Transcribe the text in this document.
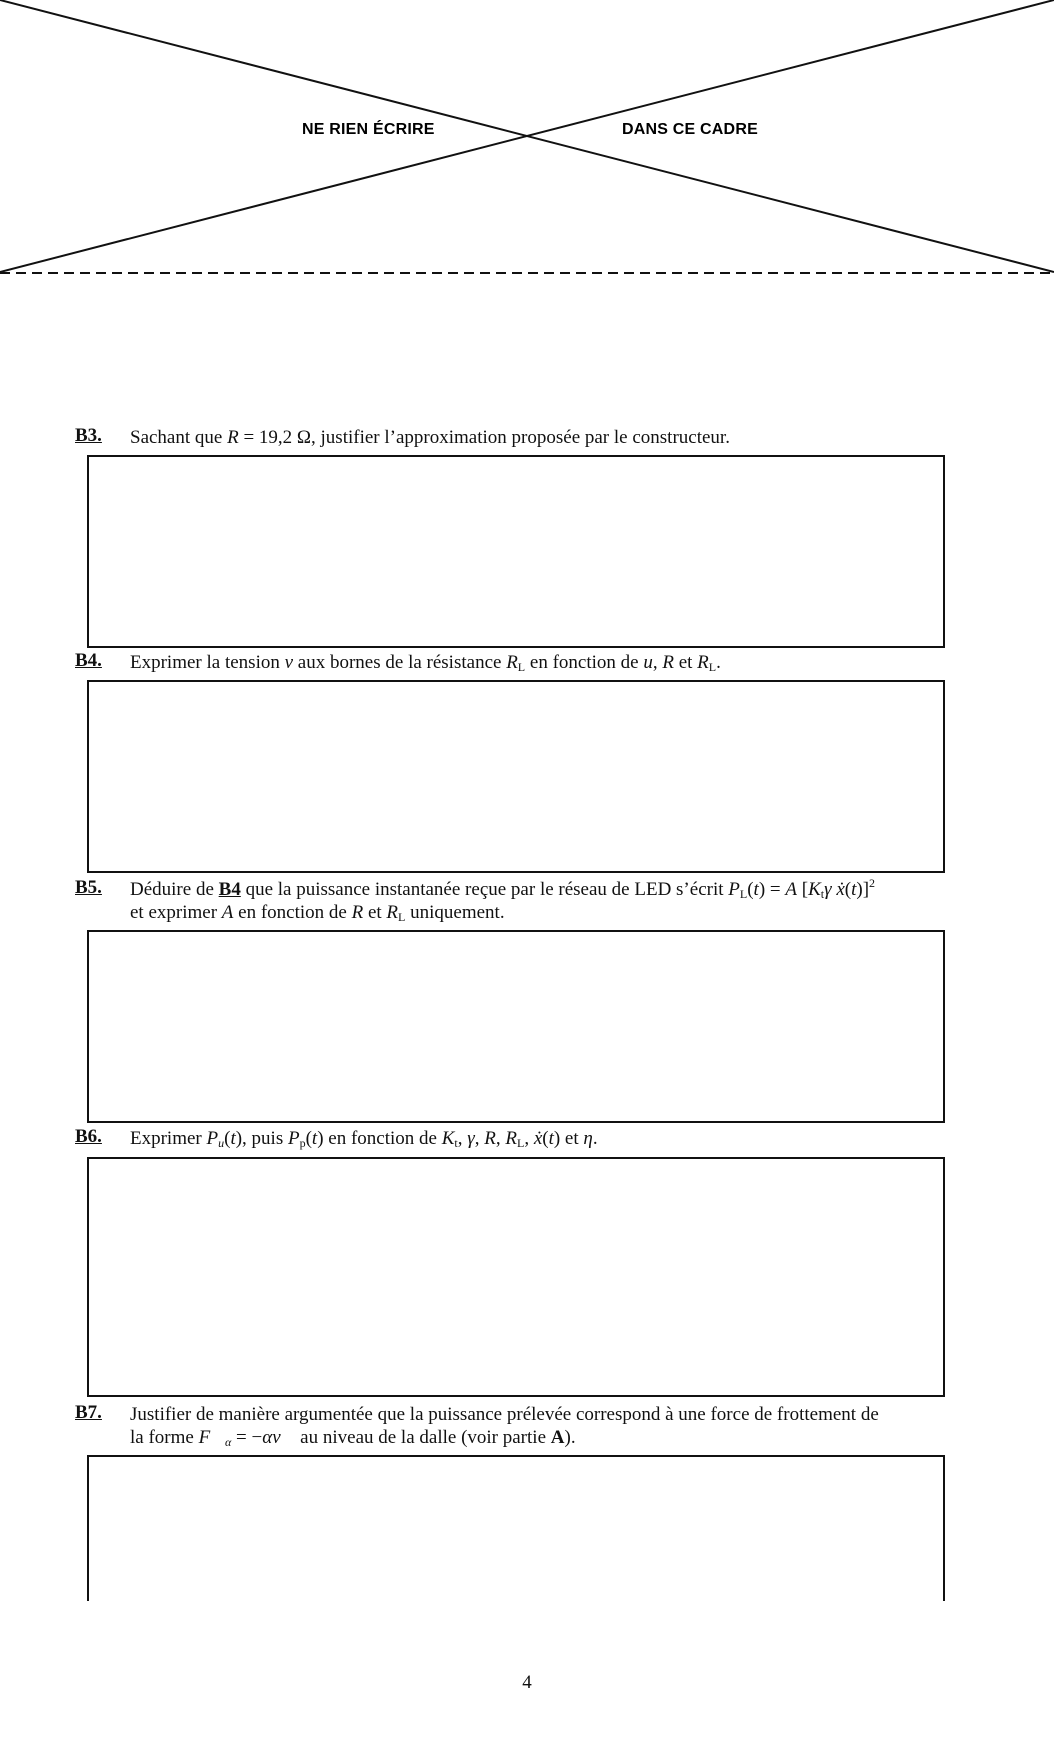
NE RIEN ÉCRIRE	DANS CE CADRE
B3. Sachant que R = 19,2 Ω, justifier l’approximation proposée par le constructeur.
B4. Exprimer la tension v aux bornes de la résistance $R_L$ en fonction de u, R et $R_L$.
B5. Déduire de B4 que la puissance instantanée reçue par le réseau de LED s’écrit $P_L(t) = A$ [$K_t\gamma$ ẋ(t)]$^2$
et exprimer A en fonction de R et $R_L$ uniquement.
B6. Exprimer $P_u(t)$, puis $P_p(t)$ en fonction de $K_t$, γ, R, $R_L$, ẋ(t) et η.
B7. Justifier de manière argumentée que la puissance prélevée correspond à une force de frottement de
la forme $F⃗_\alpha$ = −αv⃗ au niveau de la dalle (voir partie A).
4
